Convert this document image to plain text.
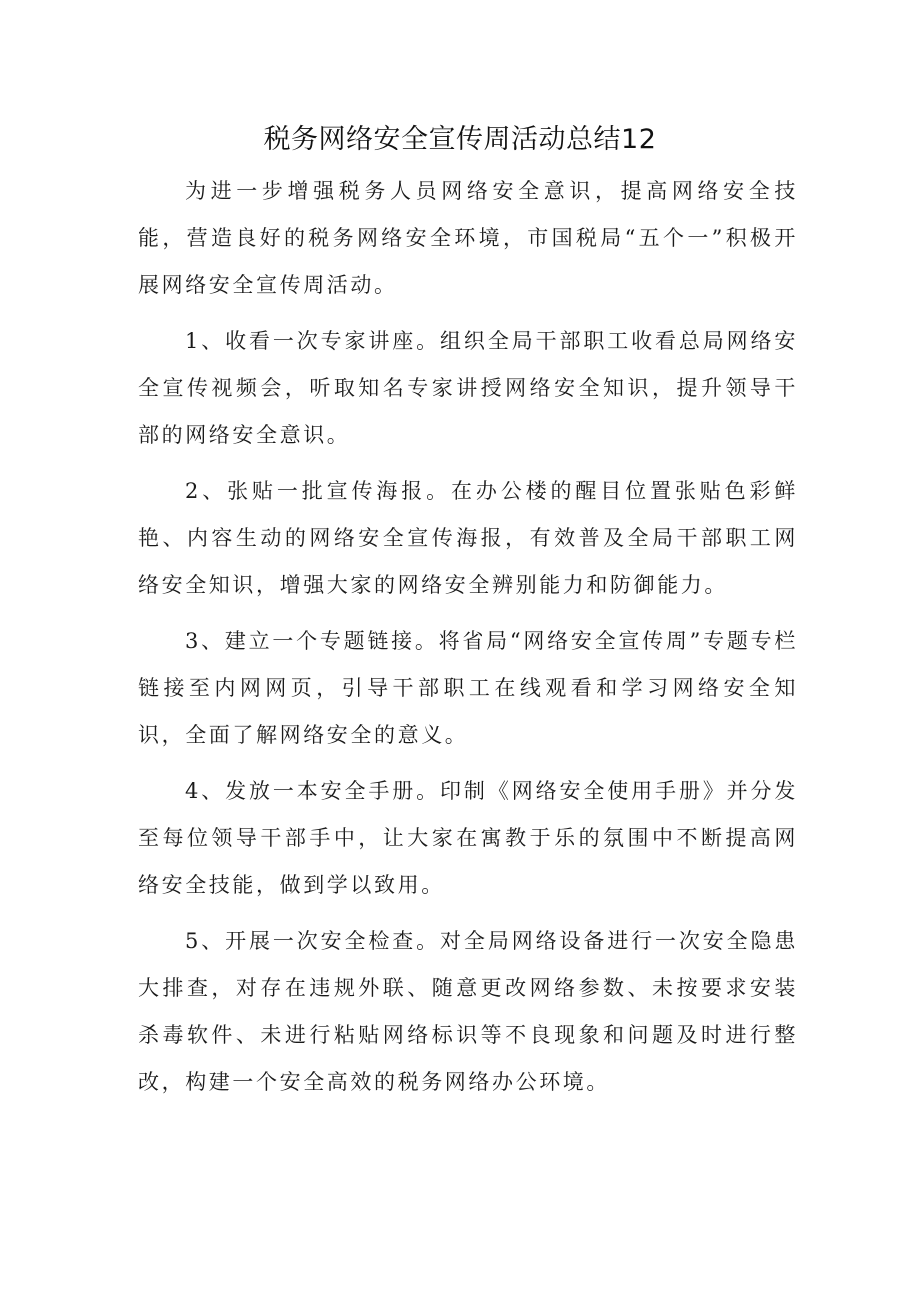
税务网络安全宣传周活动总结12

为进一步增强税务人员网络安全意识，提高网络安全技能，营造良好的税务网络安全环境，市国税局“五个一”积极开展网络安全宣传周活动。

1、收看一次专家讲座。组织全局干部职工收看总局网络安全宣传视频会，听取知名专家讲授网络安全知识，提升领导干部的网络安全意识。

2、张贴一批宣传海报。在办公楼的醒目位置张贴色彩鲜艳、内容生动的网络安全宣传海报，有效普及全局干部职工网络安全知识，增强大家的网络安全辨别能力和防御能力。

3、建立一个专题链接。将省局“网络安全宣传周”专题专栏链接至内网网页，引导干部职工在线观看和学习网络安全知识，全面了解网络安全的意义。

4、发放一本安全手册。印制《网络安全使用手册》并分发至每位领导干部手中，让大家在寓教于乐的氛围中不断提高网络安全技能，做到学以致用。

5、开展一次安全检查。对全局网络设备进行一次安全隐患大排查，对存在违规外联、随意更改网络参数、未按要求安装杀毒软件、未进行粘贴网络标识等不良现象和问题及时进行整改，构建一个安全高效的税务网络办公环境。
